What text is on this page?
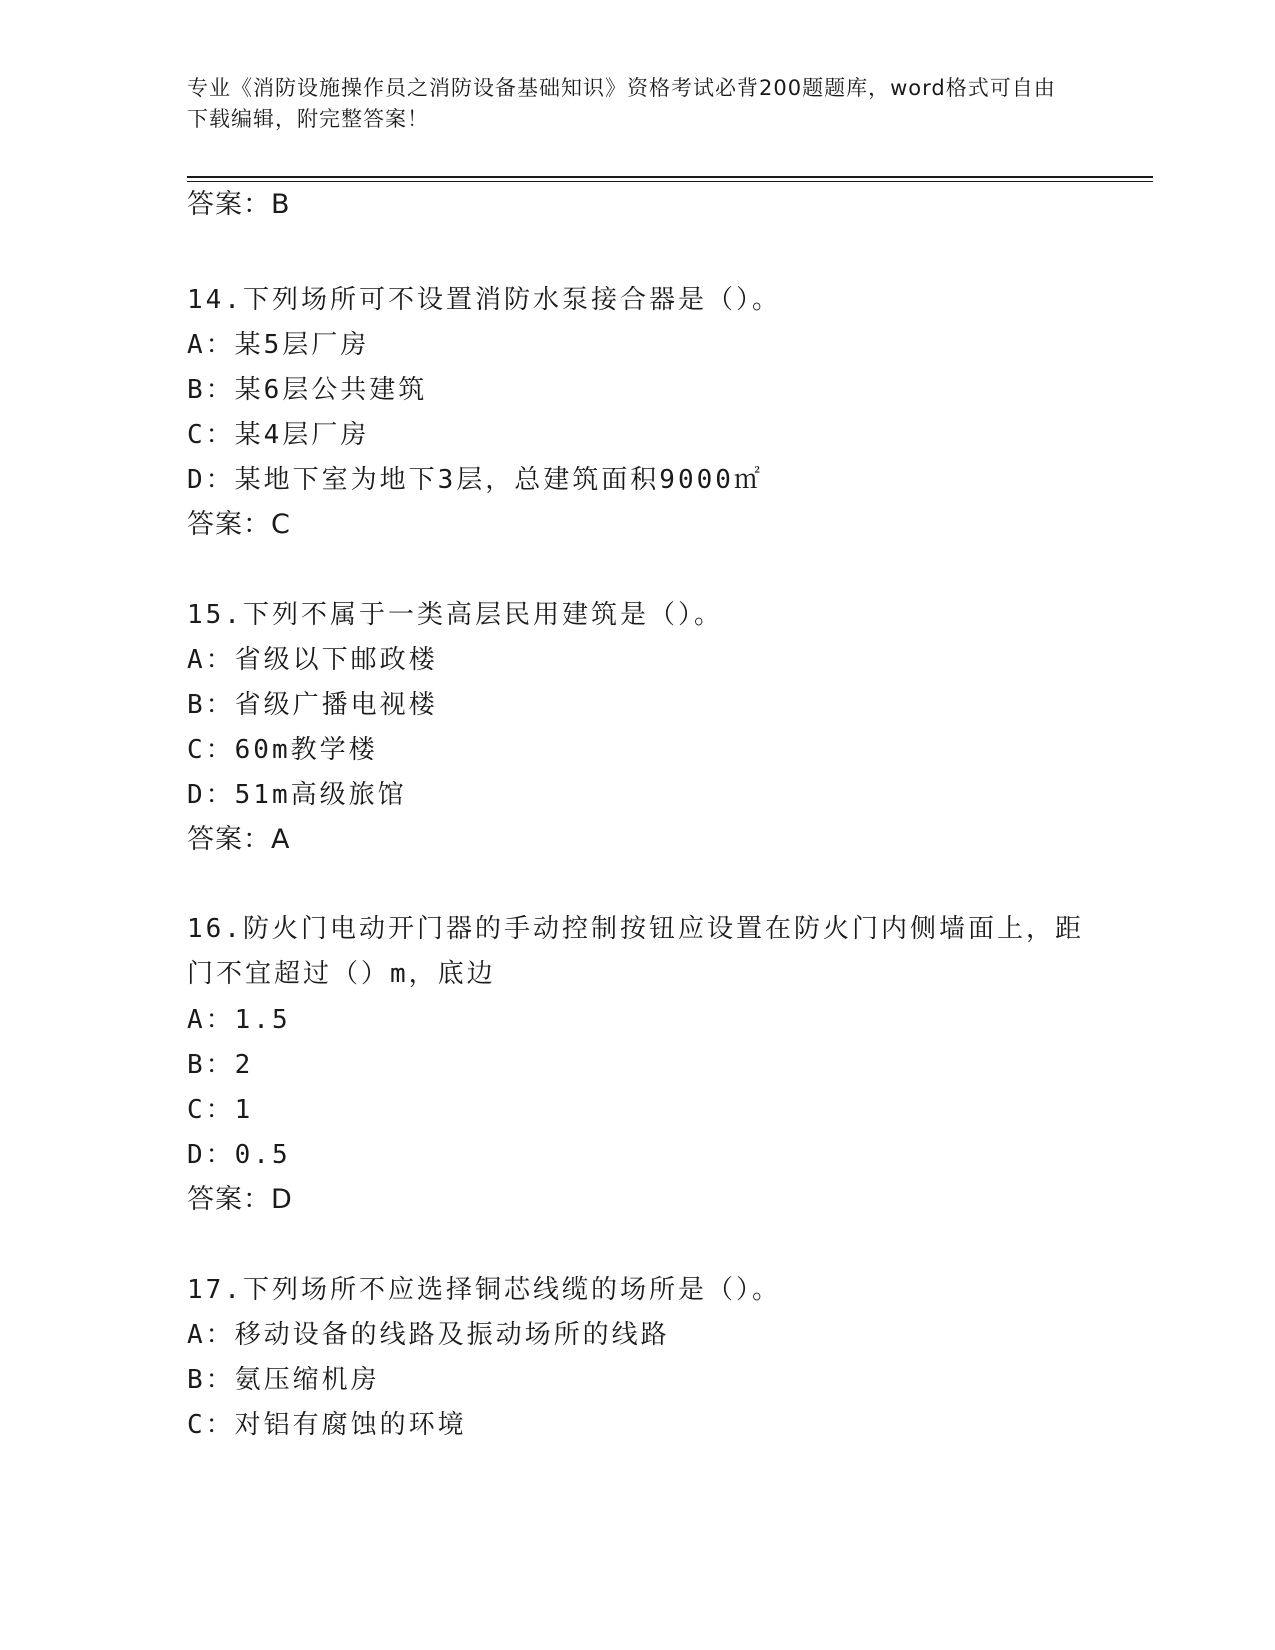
专业《消防设施操作员之消防设备基础知识》资格考试必背200题题库，word格式可自由下载编辑，附完整答案！
答案：B
14.下列场所可不设置消防水泵接合器是（）。
A：某5层厂房
B：某6层公共建筑
C：某4层厂房
D：某地下室为地下3层，总建筑面积9000㎡
答案：C
15.下列不属于一类高层民用建筑是（）。
A：省级以下邮政楼
B：省级广播电视楼
C：60m教学楼
D：51m高级旅馆
答案：A
16.防火门电动开门器的手动控制按钮应设置在防火门内侧墙面上，距门不宜超过（）m，底边
A：1.5
B：2
C：1
D：0.5
答案：D
17.下列场所不应选择铜芯线缆的场所是（）。
A：移动设备的线路及振动场所的线路
B：氨压缩机房
C：对铝有腐蚀的环境
